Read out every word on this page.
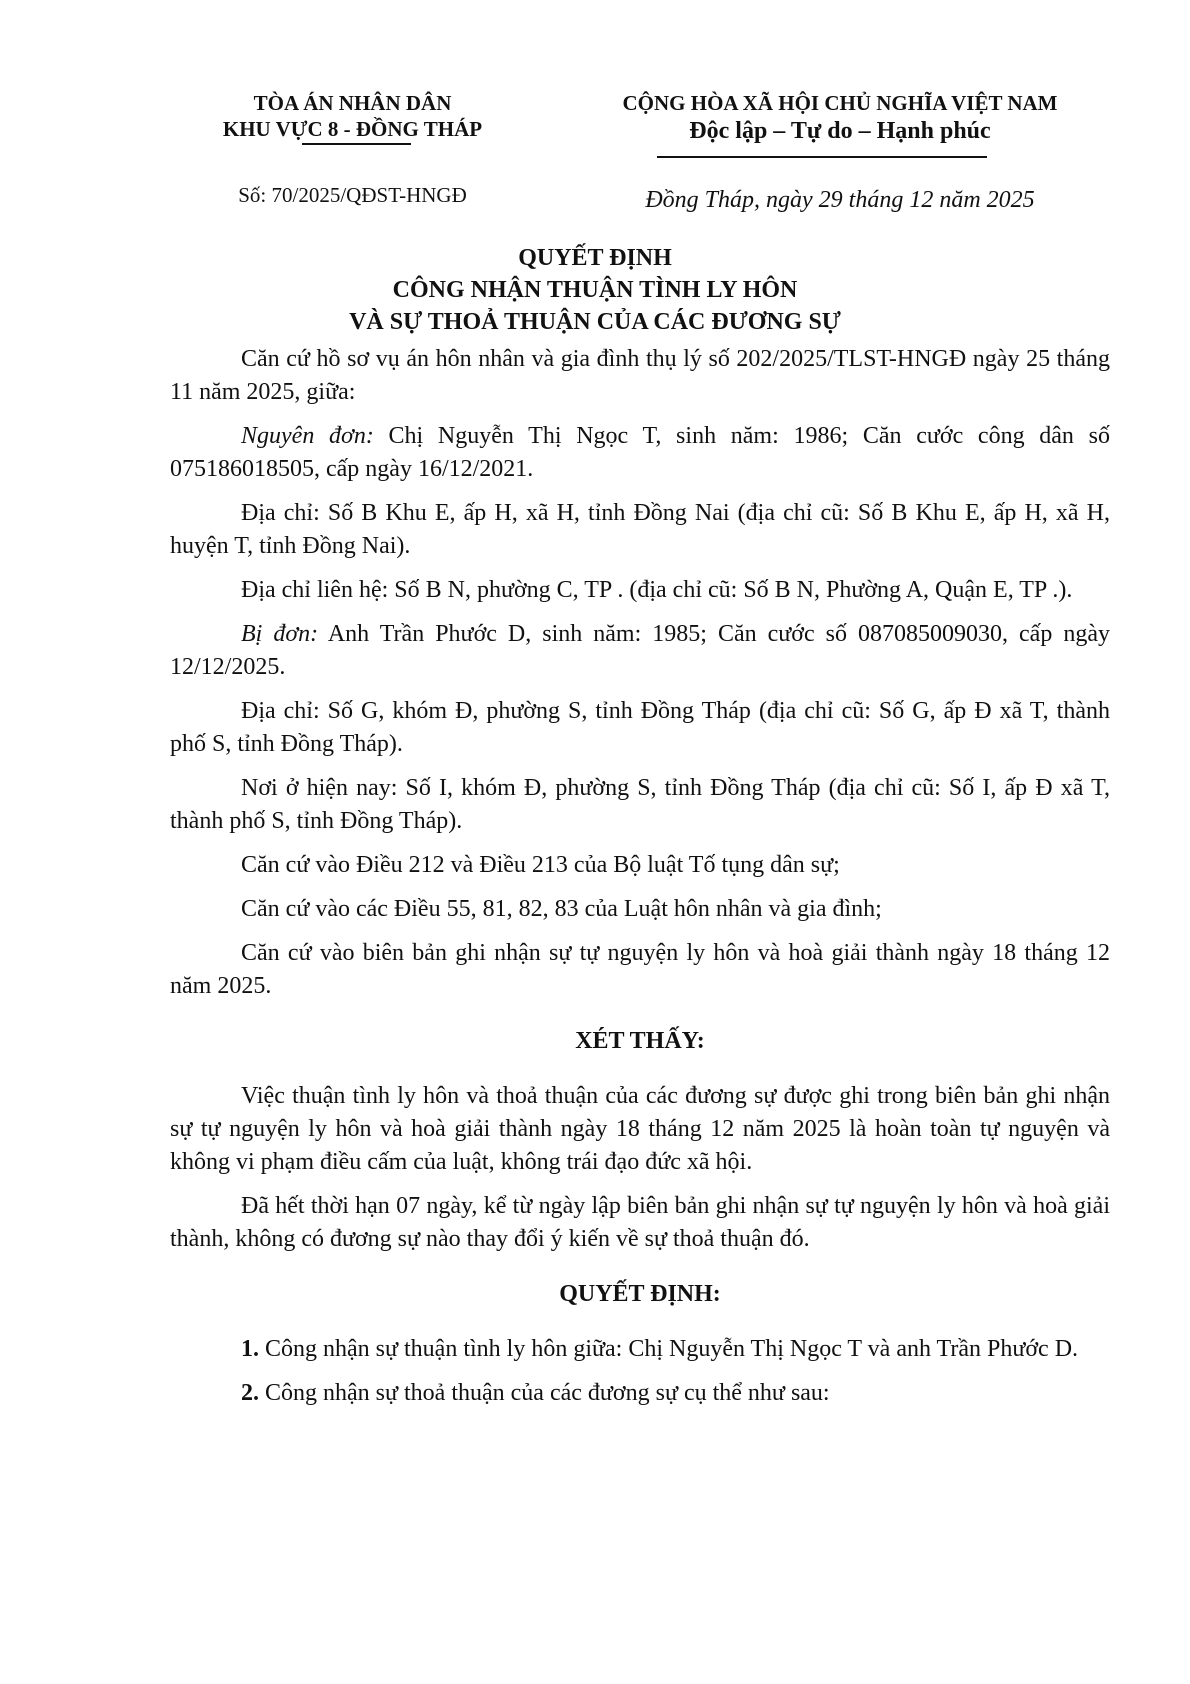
TÒA ÁN NHÂN DÂN
KHU VỰC 8 - ĐỒNG THÁP
Số: 70/2025/QĐST-HNGĐ
CỘNG HÒA XÃ HỘI CHỦ NGHĨA VIỆT NAM
Độc lập – Tự do – Hạnh phúc
Đồng Tháp, ngày 29 tháng 12 năm 2025
QUYẾT ĐỊNH
CÔNG NHẬN THUẬN TÌNH LY HÔN
VÀ SỰ THOẢ THUẬN CỦA CÁC ĐƯƠNG SỰ

Căn cứ hồ sơ vụ án hôn nhân và gia đình thụ lý số 202/2025/TLST-HNGĐ ngày 25 tháng 11 năm 2025, giữa:

Nguyên đơn: Chị Nguyễn Thị Ngọc T, sinh năm: 1986; Căn cước công dân số 075186018505, cấp ngày 16/12/2021.

Địa chỉ: Số B Khu E, ấp H, xã H, tỉnh Đồng Nai (địa chỉ cũ: Số B Khu E, ấp H, xã H, huyện T, tỉnh Đồng Nai).

Địa chỉ liên hệ: Số B N, phường C, TP . (địa chỉ cũ: Số B N, Phường A, Quận E, TP .).

Bị đơn: Anh Trần Phước D, sinh năm: 1985; Căn cước số 087085009030, cấp ngày 12/12/2025.

Địa chỉ: Số G, khóm Đ, phường S, tỉnh Đồng Tháp (địa chỉ cũ: Số G, ấp Đ xã T, thành phố S, tỉnh Đồng Tháp).

Nơi ở hiện nay: Số I, khóm Đ, phường S, tỉnh Đồng Tháp (địa chỉ cũ: Số I, ấp Đ xã T, thành phố S, tỉnh Đồng Tháp).

Căn cứ vào Điều 212 và Điều 213 của Bộ luật Tố tụng dân sự;

Căn cứ vào các Điều 55, 81, 82, 83 của Luật hôn nhân và gia đình;

Căn cứ vào biên bản ghi nhận sự tự nguyện ly hôn và hoà giải thành ngày 18 tháng 12 năm 2025.

XÉT THẤY:

Việc thuận tình ly hôn và thoả thuận của các đương sự được ghi trong biên bản ghi nhận sự tự nguyện ly hôn và hoà giải thành ngày 18 tháng 12 năm 2025 là hoàn toàn tự nguyện và không vi phạm điều cấm của luật, không trái đạo đức xã hội.

Đã hết thời hạn 07 ngày, kể từ ngày lập biên bản ghi nhận sự tự nguyện ly hôn và hoà giải thành, không có đương sự nào thay đổi ý kiến về sự thoả thuận đó.

QUYẾT ĐỊNH:

1. Công nhận sự thuận tình ly hôn giữa: Chị Nguyễn Thị Ngọc T và anh Trần Phước D.

2. Công nhận sự thoả thuận của các đương sự cụ thể như sau:
